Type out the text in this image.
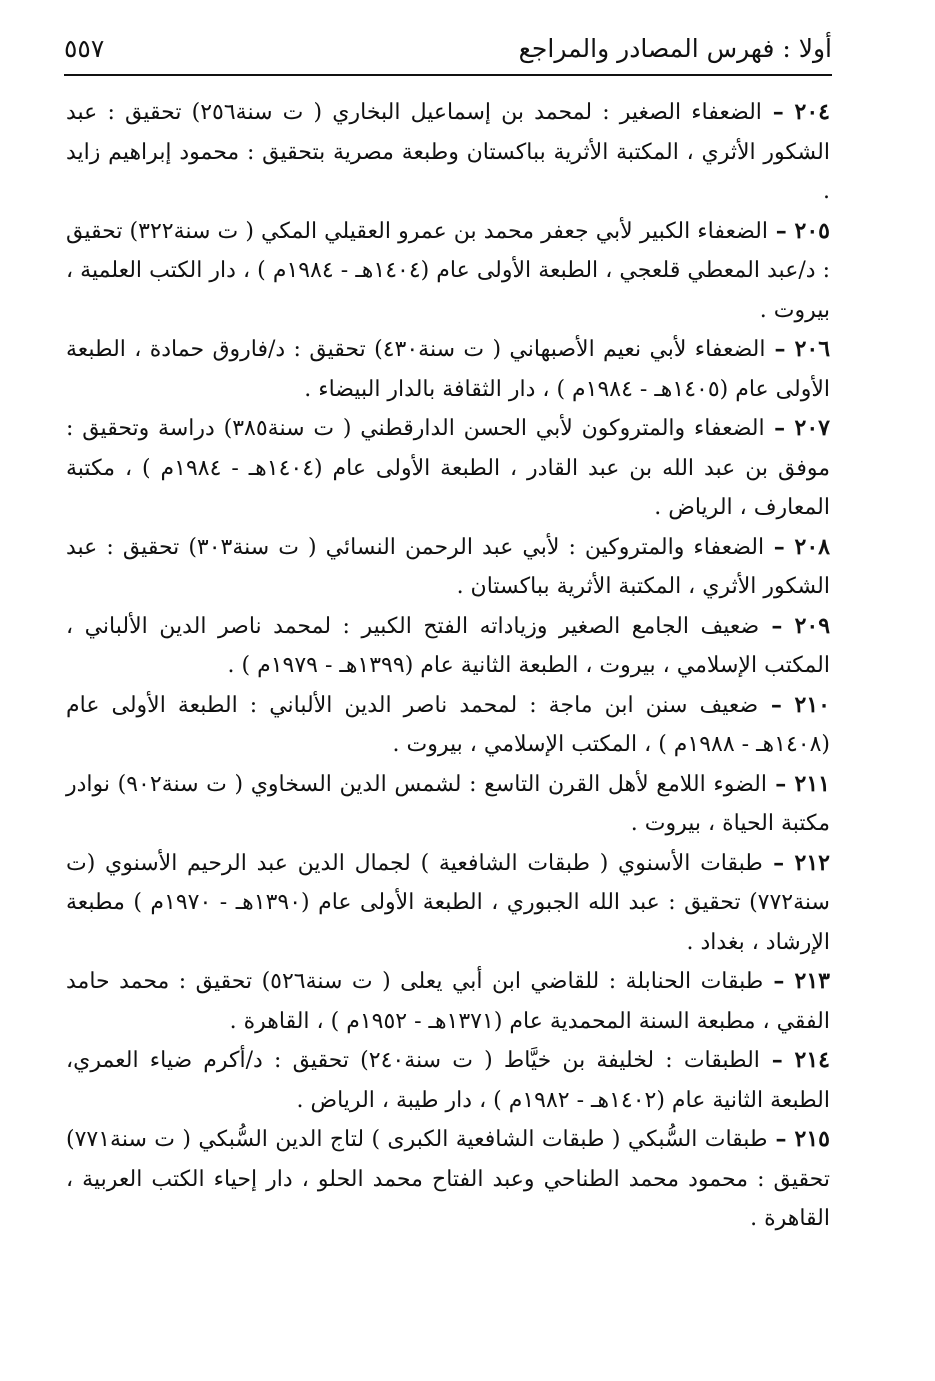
أولا : فهرس المصادر والمراجع
٥٥٧

٢٠٤ – الضعفاء الصغير : لمحمد بن إسماعيل البخاري ( ت سنة٢٥٦) تحقيق : عبد الشكور الأثري ، المكتبة الأثرية بباكستان وطبعة مصرية بتحقيق : محمود إبراهيم زايد .

٢٠٥ – الضعفاء الكبير لأبي جعفر محمد بن عمرو العقيلي المكي ( ت سنة٣٢٢) تحقيق : د/عبد المعطي قلعجي ، الطبعة الأولى عام (١٤٠٤هـ - ١٩٨٤م ) ، دار الكتب العلمية ، بيروت .

٢٠٦ – الضعفاء لأبي نعيم الأصبهاني ( ت سنة٤٣٠) تحقيق : د/فاروق حمادة ، الطبعة الأولى عام (١٤٠٥هـ - ١٩٨٤م ) ، دار الثقافة بالدار البيضاء .

٢٠٧ – الضعفاء والمتروكون لأبي الحسن الدارقطني ( ت سنة٣٨٥) دراسة وتحقيق : موفق بن عبد الله بن عبد القادر ، الطبعة الأولى عام (١٤٠٤هـ - ١٩٨٤م ) ، مكتبة المعارف ، الرياض .

٢٠٨ – الضعفاء والمتروكين : لأبي عبد الرحمن النسائي ( ت سنة٣٠٣) تحقيق : عبد الشكور الأثري ، المكتبة الأثرية بباكستان .

٢٠٩ – ضعيف الجامع الصغير وزياداته الفتح الكبير : لمحمد ناصر الدين الألباني ، المكتب الإسلامي ، بيروت ، الطبعة الثانية عام (١٣٩٩هـ - ١٩٧٩م ) .

٢١٠ – ضعيف سنن ابن ماجة : لمحمد ناصر الدين الألباني : الطبعة الأولى عام (١٤٠٨هـ - ١٩٨٨م ) ، المكتب الإسلامي ، بيروت .

٢١١ – الضوء اللامع لأهل القرن التاسع : لشمس الدين السخاوي ( ت سنة٩٠٢) نوادر مكتبة الحياة ، بيروت .

٢١٢ – طبقات الأسنوي ( طبقات الشافعية ) لجمال الدين عبد الرحيم الأسنوي (ت سنة٧٧٢) تحقيق : عبد الله الجبوري ، الطبعة الأولى عام (١٣٩٠هـ - ١٩٧٠م ) مطبعة الإرشاد ، بغداد .

٢١٣ – طبقات الحنابلة : للقاضي ابن أبي يعلى ( ت سنة٥٢٦) تحقيق : محمد حامد الفقي ، مطبعة السنة المحمدية عام (١٣٧١هـ - ١٩٥٢م ) ، القاهرة .

٢١٤ – الطبقات : لخليفة بن خيَّاط ( ت سنة٢٤٠) تحقيق : د/أكرم ضياء العمري، الطبعة الثانية عام (١٤٠٢هـ - ١٩٨٢م ) ، دار طيبة ، الرياض .

٢١٥ – طبقات السُّبكي ( طبقات الشافعية الكبرى ) لتاج الدين السُّبكي ( ت سنة٧٧١) تحقيق : محمود محمد الطناحي وعبد الفتاح محمد الحلو ، دار إحياء الكتب العربية ، القاهرة .
